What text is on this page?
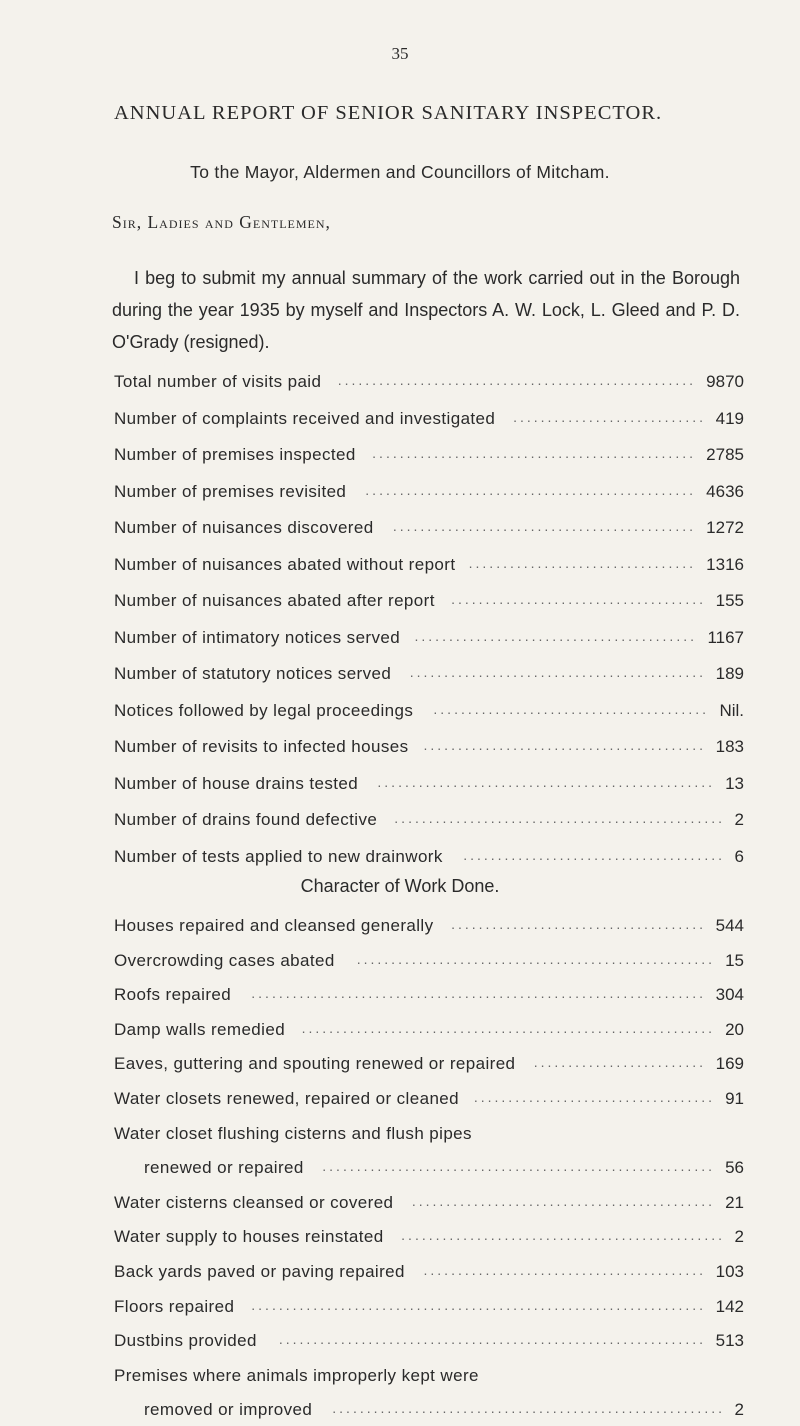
35
ANNUAL REPORT OF SENIOR SANITARY INSPECTOR.
To the Mayor, Aldermen and Councillors of Mitcham.
Sir, Ladies and Gentlemen,
I beg to submit my annual summary of the work carried out in the Borough during the year 1935 by myself and Inspectors A. W. Lock, L. Gleed and P. D. O'Grady (resigned).
Total number of visits paid	9870
....................................................
Number of complaints received and investigated	419
............................
Number of premises inspected	2785
...............................................
Number of premises revisited	4636
................................................
Number of nuisances discovered	1272
............................................
Number of nuisances abated without report	1316
.................................
Number of nuisances abated after report	155
.....................................
Number of intimatory notices served	1167
.........................................
Number of statutory notices served	189
...........................................
Notices followed by legal proceedings	Nil.
........................................
Number of revisits to infected houses	183
.........................................
Number of house drains tested	13
.................................................
Number of drains found defective	2
................................................
Number of tests applied to new drainwork	6
......................................
Character of Work Done.
Houses repaired and cleansed generally	544
.....................................
Overcrowding cases abated	15
....................................................
Roofs repaired	304
..................................................................
Damp walls remedied	20
............................................................
Eaves, guttering and spouting renewed or repaired	169
.........................
Water closets renewed, repaired or cleaned	91
...................................
Water closet flushing cisterns and flush pipes
renewed or repaired	56
.........................................................
Water cisterns cleansed or covered	21
............................................
Water supply to houses reinstated	2
...............................................
Back yards paved or paving repaired	103
.........................................
Floors repaired	142
..................................................................
Dustbins provided	513
..............................................................
Premises where animals improperly kept were
removed or improved	2
.........................................................
